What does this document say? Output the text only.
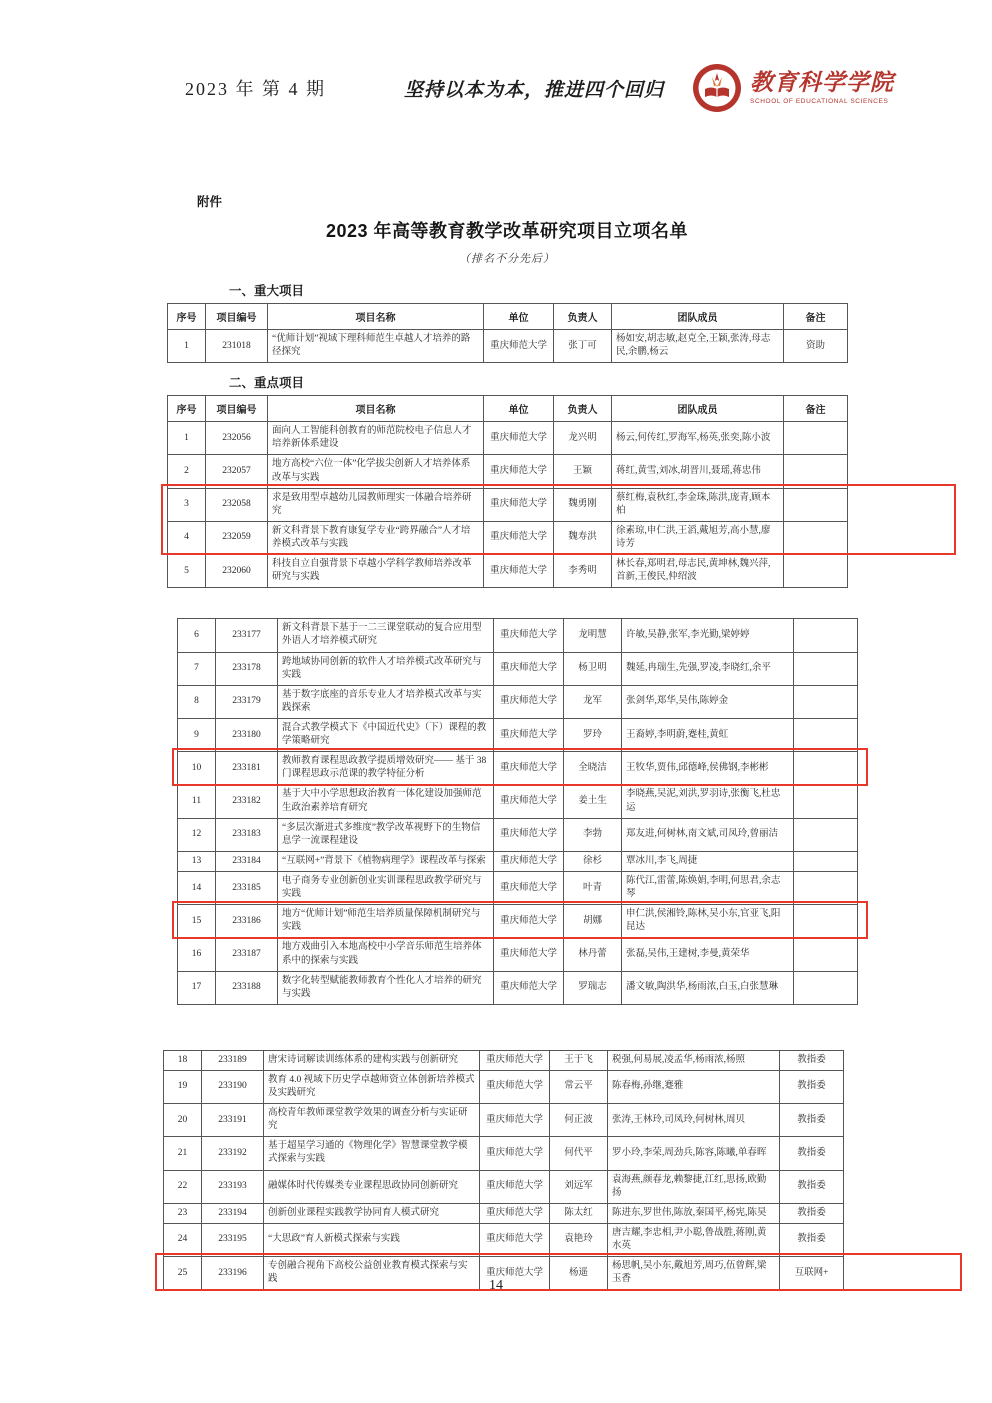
2023 年 第 4 期	坚持以本为本，推进四个回归	教育科学学院
SCHOOL OF EDUCATIONAL SCIENCES
附件
2023 年高等教育教学改革研究项目立项名单
（排名不分先后）
一、重大项目
序号	项目编号	项目名称	单位	负责人	团队成员	备注
1	231018	“优师计划”视域下理科师范生卓越人才培养的路径探究	重庆师范大学	张丁可	杨如安,胡志敏,赵克全,王颖,张涛,母志民,余鹏,杨云	资助
二、重点项目
序号	项目编号	项目名称	单位	负责人	团队成员	备注
1	232056	面向人工智能科创教育的师范院校电子信息人才培养新体系建设	重庆师范大学	龙兴明	杨云,何传红,罗海军,杨英,张奕,陈小波	
2	232057	地方高校“六位一体”化学拔尖创新人才培养体系改革与实践	重庆师范大学	王颖	蒋红,黄雪,刘冰,胡晋川,聂瑶,蒋忠伟	
3	232058	求是致用型卓越幼儿园教师理实一体融合培养研究	重庆师范大学	魏勇刚	蔡红梅,袁秋红,李金珠,陈洪,庞青,顾本柏	
4	232059	新文科背景下教育康复学专业“跨界融合”人才培养模式改革与实践	重庆师范大学	魏寿洪	徐素琼,申仁洪,王滔,戴旭芳,高小慧,廖诗芳	
5	232060	科技自立自强背景下卓越小学科学教师培养改革研究与实践	重庆师范大学	李秀明	林长春,郑明君,母志民,黄坤林,魏兴萍,首新,王俊民,仲绍波	
6	233177	新文科背景下基于一二三课堂联动的复合应用型外语人才培养模式研究	重庆师范大学	龙明慧	许敏,吴静,张军,李光勤,梁婷婷	
7	233178	跨地域协同创新的软件人才培养模式改革研究与实践	重庆师范大学	杨卫明	魏延,冉瑞生,先强,罗凌,李晓红,余平	
8	233179	基于数字底座的音乐专业人才培养模式改革与实践探索	重庆师范大学	龙军	张剑华,郑华,吴伟,陈婷金	
9	233180	混合式教学模式下《中国近代史》（下）课程的教学策略研究	重庆师范大学	罗玲	王裔婷,李明蔚,蹇桂,黄虹	
10	233181	教师教育课程思政教学提质增效研究—— 基于 38 门课程思政示范课的教学特征分析	重庆师范大学	全晓洁	王牧华,贾伟,邱德峰,侯佛钢,李彬彬	
11	233182	基于大中小学思想政治教育一体化建设加强师范生政治素养培育研究	重庆师范大学	姜土生	李晓燕,吴泥,刘洪,罗羽诗,张衡飞,杜忠运	
12	233183	“多层次渐进式多维度”教学改革视野下的生物信息学一流课程建设	重庆师范大学	李勃	郑友进,何树林,南文斌,司凤玲,曾丽洁	
13	233184	“互联网+”背景下《植物病理学》课程改革与探索	重庆师范大学	徐杉	覃冰川,李飞,周捷	
14	233185	电子商务专业创新创业实训课程思政教学研究与实践	重庆师范大学	叶青	陈代江,雷蕾,陈焕娟,李明,何思君,余志琴	
15	233186	地方“优师计划”师范生培养质量保障机制研究与实践	重庆师范大学	胡娜	申仁洪,侯湘铃,陈林,吴小东,官亚飞,阳昆达	
16	233187	地方戏曲引入本地高校中小学音乐师范生培养体系中的探索与实践	重庆师范大学	林丹蕾	张磊,吴伟,王建树,李曼,黄荣华	
17	233188	数字化转型赋能教师教育个性化人才培养的研究与实践	重庆师范大学	罗瑞志	潘文敏,陶洪华,杨雨浓,白玉,白张慧琳	
18	233189	唐宋诗词解读训练体系的建构实践与创新研究	重庆师范大学	王于飞	税强,何易展,凌孟华,杨雨浓,杨照	教指委
19	233190	教育 4.0 视域下历史学卓越师资立体创新培养模式及实践研究	重庆师范大学	常云平	陈春梅,孙继,蹇雅	教指委
20	233191	高校青年教师课堂教学效果的调查分析与实证研究	重庆师范大学	何正波	张涛,王林玲,司凤玲,何树林,周贝	教指委
21	233192	基于超星学习通的《物理化学》智慧课堂教学模式探索与实践	重庆师范大学	何代平	罗小玲,李荣,周劲兵,陈容,陈曦,单春晖	教指委
22	233193	融媒体时代传媒类专业课程思政协同创新研究	重庆师范大学	刘远军	袁海燕,颜春龙,赖黎捷,江红,思扬,欧勤扬	教指委
23	233194	创新创业课程实践教学协同育人模式研究	重庆师范大学	陈太红	陈进东,罗世伟,陈放,秦国平,杨宪,陈昊	教指委
24	233195	“大思政”育人新模式探索与实践	重庆师范大学	袁艳玲	唐吉耀,李忠相,尹小聪,鲁战胜,蒋刚,黄水英	教指委
25	233196	专创融合视角下高校公益创业教育模式探索与实践	重庆师范大学	杨遥	杨思帆,吴小东,戴旭芳,周巧,伍曾辉,梁玉香	互联网+
14
